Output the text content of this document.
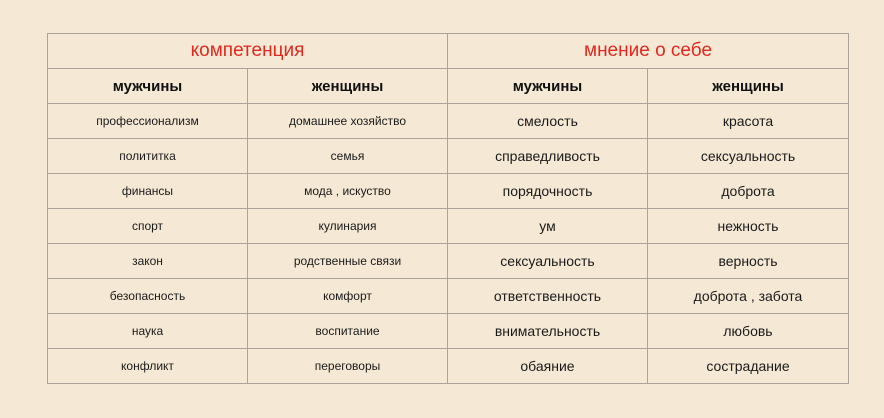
компетенция		мнение о себе	
мужчины	женщины	мужчины	женщины
профессионализм	домашнее хозяйство	смелость	красота
полититка	семья	справедливость	сексуальность
финансы	мода , искуство	порядочность	доброта
спорт	кулинария	ум	нежность
закон	родственные связи	сексуальность	верность
безопасность	комфорт	ответственность	доброта , забота
наука	воспитание	внимательность	любовь
конфликт	переговоры	обаяние	сострадание
